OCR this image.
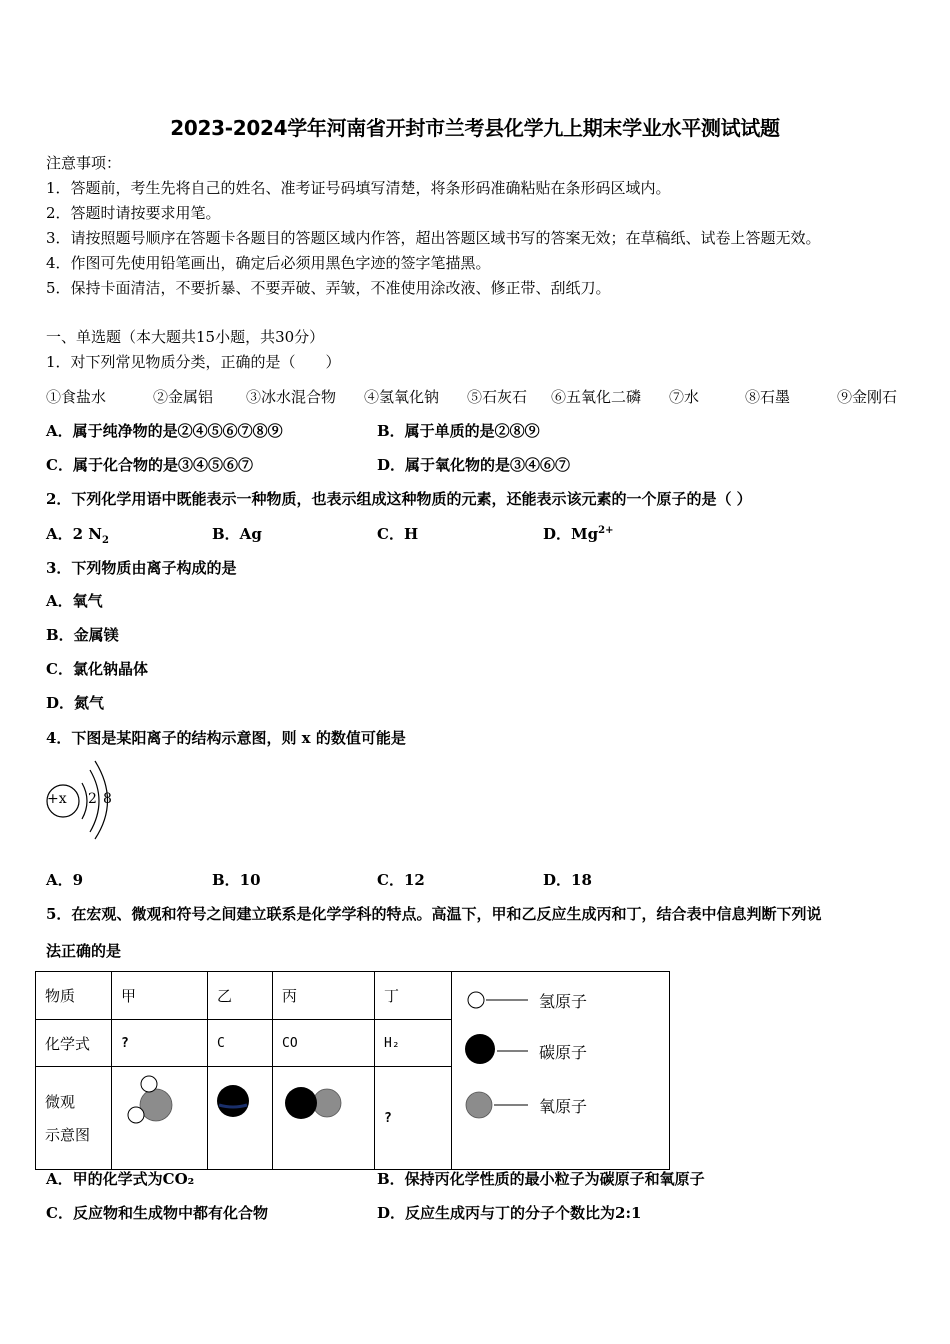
2023-2024学年河南省开封市兰考县化学九上期末学业水平测试试题
注意事项：
1．答题前，考生先将自己的姓名、准考证号码填写清楚，将条形码准确粘贴在条形码区域内。
2．答题时请按要求用笔。
3．请按照题号顺序在答题卡各题目的答题区域内作答，超出答题区域书写的答案无效；在草稿纸、试卷上答题无效。
4．作图可先使用铅笔画出，确定后必须用黑色字迹的签字笔描黑。
5．保持卡面清洁，不要折暴、不要弄破、弄皱，不准使用涂改液、修正带、刮纸刀。
一、单选题（本大题共15小题，共30分）
1．对下列常见物质分类，正确的是（　　）
①食盐水	②金属铝 ③冰水混合物 ④氢氧化钠 ⑤石灰石 ⑥五氧化二磷 ⑦水	⑧石墨	⑨金刚石
A．属于纯净物的是②④⑤⑥⑦⑧⑨	B．属于单质的是②⑧⑨
C．属于化合物的是③④⑤⑥⑦	D．属于氧化物的是③④⑥⑦
2．下列化学用语中既能表示一种物质，也表示组成这种物质的元素，还能表示该元素的一个原子的是（ ）
A．2 $N_2$	B．Ag	C．H	D．$Mg^{2+}$
3．下列物质由离子构成的是
A．氧气
B．金属镁
C．氯化钠晶体
D．氮气
4．下图是某阳离子的结构示意图，则 x 的数值可能是
+x 2 8
A．9	B．10	C．12	D．18
5．在宏观、微观和符号之间建立联系是化学学科的特点。高温下，甲和乙反应生成丙和丁，结合表中信息判断下列说
法正确的是
物质	甲	乙	丙	丁	氢原子
碳原子
氧原子

化学式	?	C	CO	H₂	

微观
示意图				?	
A．甲的化学式为CO₂	B．保持丙化学性质的最小粒子为碳原子和氧原子
C．反应物和生成物中都有化合物	D．反应生成丙与丁的分子个数比为2:1
